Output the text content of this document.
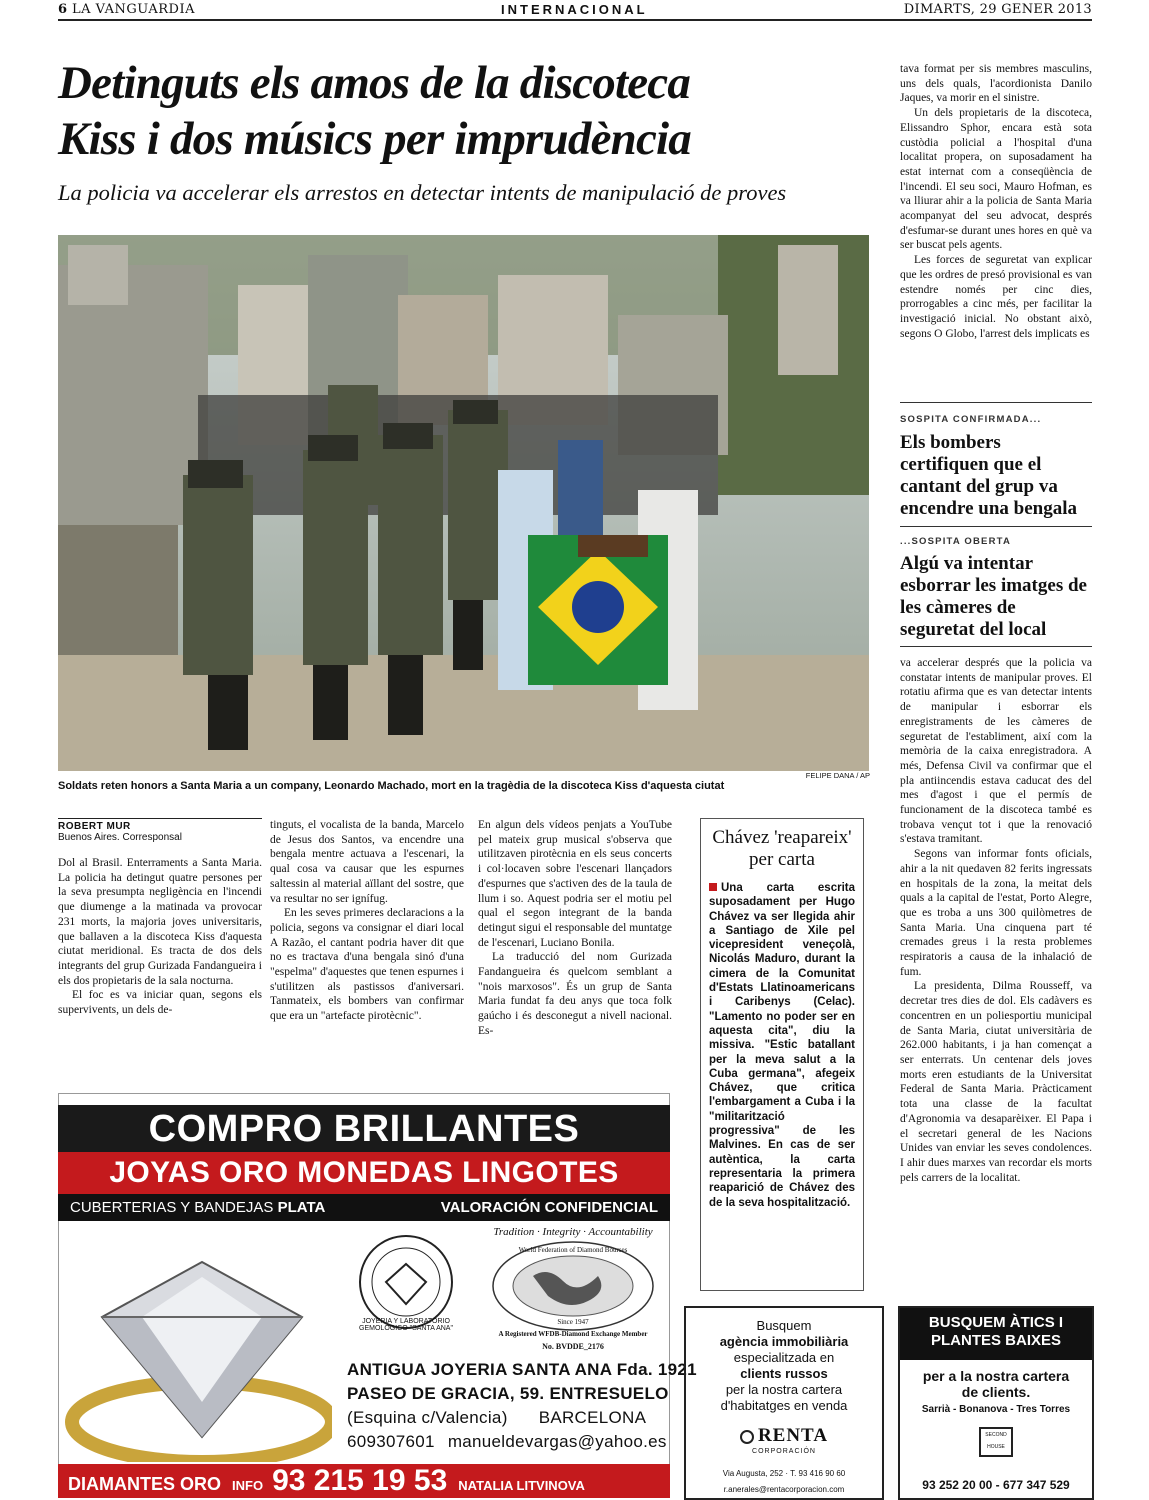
6 LA VANGUARDIA	INTERNACIONAL	DIMARTS, 29 GENER 2013
Detinguts els amos de la discoteca
Kiss i dos músics per imprudència
La policia va accelerar els arrestos en detectar intents de manipulació de proves
FELIPE DANA / AP
Soldats reten honors a Santa Maria a un company, Leonardo Machado, mort en la tragèdia de la discoteca Kiss d'aquesta ciutat
ROBERT MUR
Buenos Aires. Corresponsal

Dol al Brasil. Enterraments a Santa Maria. La policia ha detingut quatre persones per la seva presumpta negligència en l'incendi que diumenge a la matinada va provocar 231 morts, la majoria joves universitaris, que ballaven a la discoteca Kiss d'aquesta ciutat meridional. Es tracta de dos dels integrants del grup Gurizada Fandangueira i els dos propietaris de la sala nocturna.

El foc es va iniciar quan, segons els supervivents, un dels de-

tinguts, el vocalista de la banda, Marcelo de Jesus dos Santos, va encendre una bengala mentre actuava a l'escenari, la qual cosa va causar que les espurnes saltessin al material aïllant del sostre, que va resultar no ser ignífug.

En les seves primeres declaracions a la policia, segons va consignar el diari local A Razão, el cantant podria haver dit que no es tractava d'una bengala sinó d'una "espelma" d'aquestes que tenen espurnes i s'utilitzen als pastissos d'aniversari. Tanmateix, els bombers van confirmar que era un "artefacte pirotècnic".

En algun dels vídeos penjats a YouTube pel mateix grup musical s'observa que utilitzaven pirotècnia en els seus concerts i col·locaven sobre l'escenari llançadors d'espurnes que s'activen des de la taula de llum i so. Aquest podria ser el motiu pel qual el segon integrant de la banda detingut sigui el responsable del muntatge de l'escenari, Luciano Bonila.

La traducció del nom Gurizada Fandangueira és quelcom semblant a "nois marxosos". És un grup de Santa Maria fundat fa deu anys que toca folk gaúcho i és desconegut a nivell nacional. Es-

tava format per sis membres masculins, uns dels quals, l'acordionista Danilo Jaques, va morir en el sinistre.

Un dels propietaris de la discoteca, Elissandro Sphor, encara està sota custòdia policial a l'hospital d'una localitat propera, on suposadament ha estat internat com a conseqüència de l'incendi. El seu soci, Mauro Hofman, es va lliurar ahir a la policia de Santa Maria acompanyat del seu advocat, després d'esfumar-se durant unes hores en què va ser buscat pels agents.

Les forces de seguretat van explicar que les ordres de presó provisional es van estendre només per cinc dies, prorrogables a cinc més, per facilitar la investigació inicial. No obstant això, segons O Globo, l'arrest dels implicats es

SOSPITA CONFIRMADA...
Els bombers certifiquen que el cantant del grup va encendre una bengala
...SOSPITA OBERTA
Algú va intentar esborrar les imatges de les càmeres de seguretat del local

va accelerar després que la policia va constatar intents de manipular proves. El rotatiu afirma que es van detectar intents de manipular i esborrar els enregistraments de les càmeres de seguretat de l'establiment, així com la memòria de la caixa enregistradora. A més, Defensa Civil va confirmar que el pla antiincendis estava caducat des del mes d'agost i que el permís de funcionament de la discoteca també es trobava vençut tot i que la renovació s'estava tramitant.

Segons van informar fonts oficials, ahir a la nit quedaven 82 ferits ingressats en hospitals de la zona, la meitat dels quals a la capital de l'estat, Porto Alegre, que es troba a uns 300 quilòmetres de Santa Maria. Una cinquena part té cremades greus i la resta problemes respiratoris a causa de la inhalació de fum.

La presidenta, Dilma Rousseff, va decretar tres dies de dol. Els cadàvers es concentren en un poliesportiu municipal de Santa Maria, ciutat universitària de 262.000 habitants, i ja han començat a ser enterrats. Un centenar dels joves morts eren estudiants de la Universitat Federal de Santa Maria. Pràcticament tota una classe de la facultat d'Agronomia va desaparèixer. El Papa i el secretari general de les Nacions Unides van enviar les seves condolences. I ahir dues marxes van recordar els morts pels carrers de la localitat.

Chávez 'reapareix' per carta
Una carta escrita suposadament per Hugo Chávez va ser llegida ahir a Santiago de Xile pel vicepresident veneçolà, Nicolás Maduro, durant la cimera de la Comunitat d'Estats Llatinoamericans i Caribenys (Celac). "Lamento no poder ser en aquesta cita", diu la missiva. "Estic batallant per la meva salut a la Cuba germana", afegeix Chávez, que critica l'embargament a Cuba i la "militarització progressiva" de les Malvines. En cas de ser autèntica, la carta representaria la primera reaparició de Chávez des de la seva hospitalització.
COMPRO BRILLANTES
JOYAS ORO MONEDAS LINGOTES
CUBERTERIAS Y BANDEJAS PLATA	VALORACIÓN CONFIDENCIAL
JOYERIA Y LABORATORIO GEMOLOGICO "SANTA ANA"
Tradition · Integrity · Accountability
World Federation of Diamond Bourses
Since 1947
A Registered WFDB-Diamond Exchange Member
No. BVDDE_2176
ANTIGUA JOYERIA SANTA ANA Fda. 1921
PASEO DE GRACIA, 59. ENTRESUELO
(Esquina c/Valencia) BARCELONA
609307601 manueldevargas@yahoo.es
DIAMANTES ORO INFO 93 215 19 53 NATALIA LITVINOVA
Busquem
agència immobiliària
especialitzada en
clients russos
per la nostra cartera
d'habitatges en venda
RENTA
CORPORACIÓN
Via Augusta, 252 · T. 93 416 90 60
r.anerales@rentacorporacion.com
BUSQUEM ÀTICS I PLANTES BAIXES
per a la nostra cartera
de clients.
Sarrià - Bonanova - Tres Torres
SECOND HOUSE
93 252 20 00 - 677 347 529
